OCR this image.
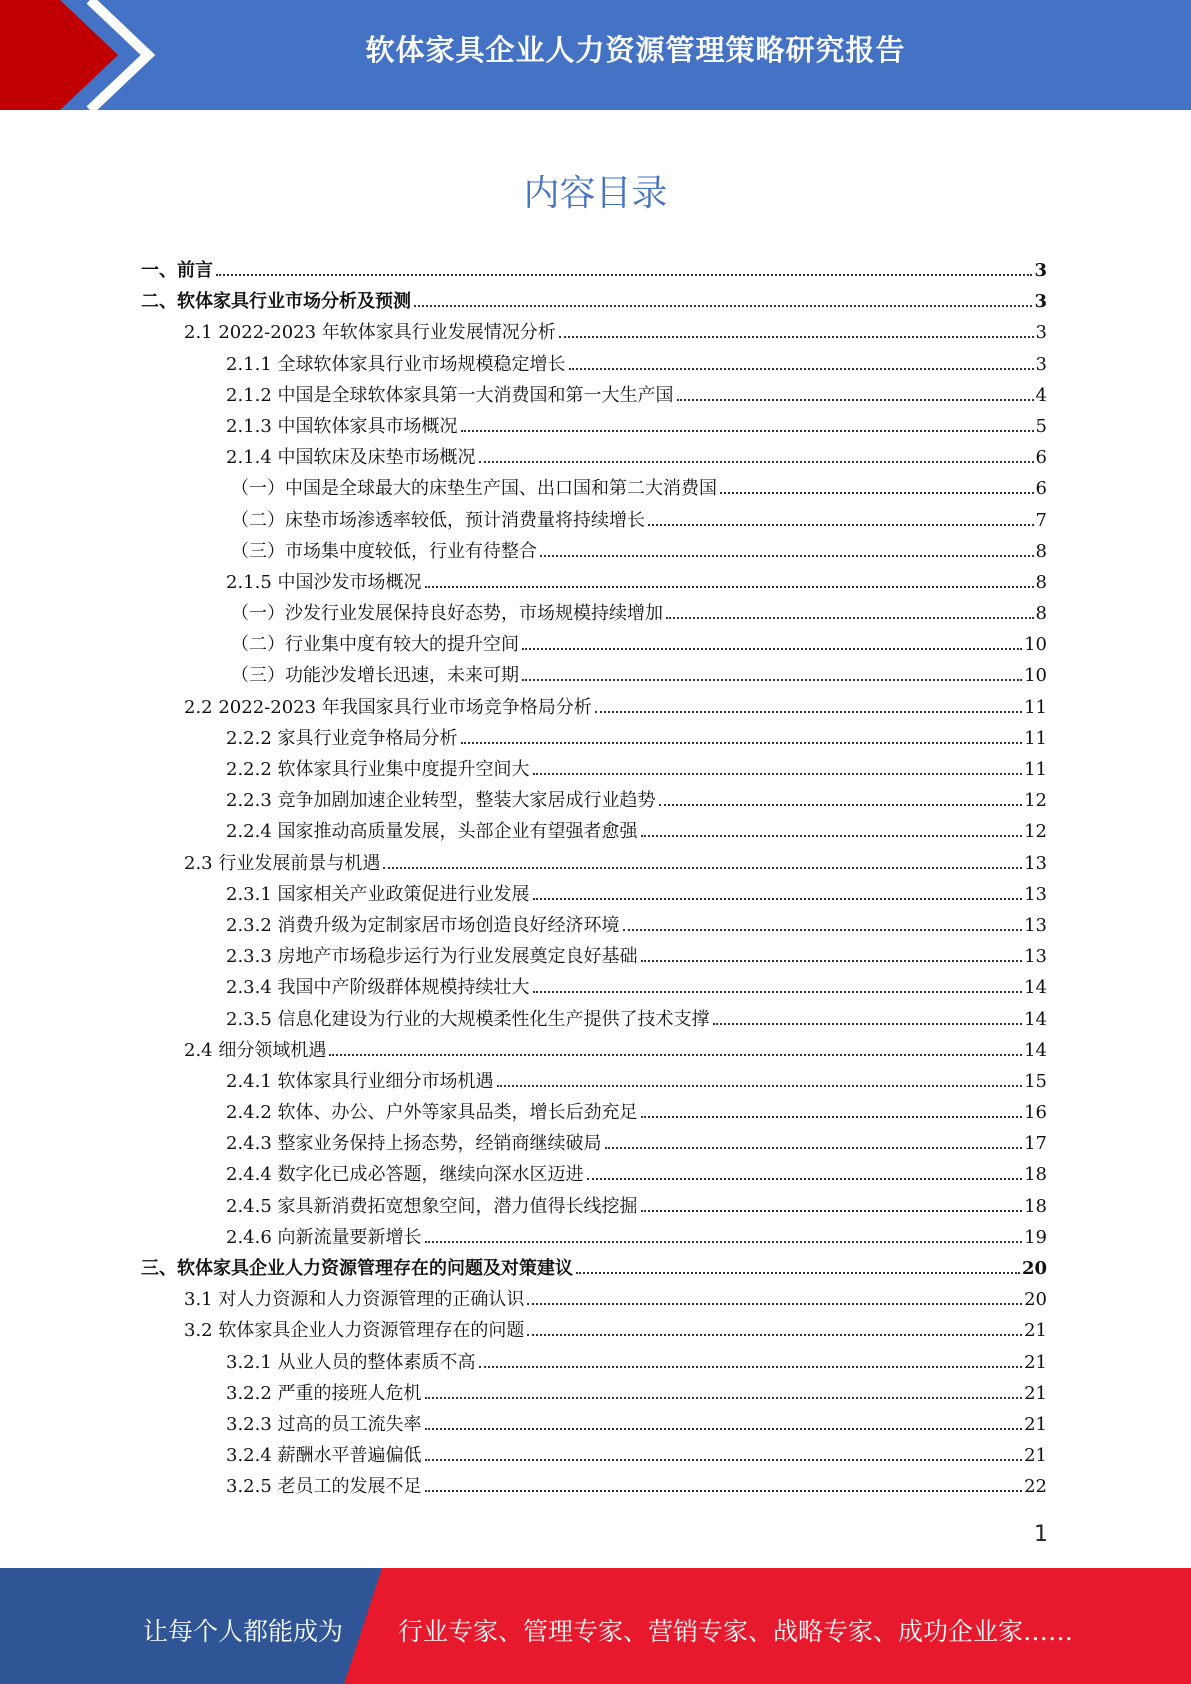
软体家具企业人力资源管理策略研究报告
内容目录
一、前言	3
二、软体家具行业市场分析及预测	3
2.1 2022-2023 年软体家具行业发展情况分析	3
2.1.1 全球软体家具行业市场规模稳定增长	3
2.1.2 中国是全球软体家具第一大消费国和第一大生产国	4
2.1.3 中国软体家具市场概况	5
2.1.4 中国软床及床垫市场概况	6
（一）中国是全球最大的床垫生产国、出口国和第二大消费国	6
（二）床垫市场渗透率较低，预计消费量将持续增长	7
（三）市场集中度较低，行业有待整合	8
2.1.5 中国沙发市场概况	8
（一）沙发行业发展保持良好态势，市场规模持续增加	8
（二）行业集中度有较大的提升空间	10
（三）功能沙发增长迅速，未来可期	10
2.2 2022-2023 年我国家具行业市场竞争格局分析	11
2.2.2 家具行业竞争格局分析	11
2.2.2 软体家具行业集中度提升空间大	11
2.2.3 竞争加剧加速企业转型，整装大家居成行业趋势	12
2.2.4 国家推动高质量发展，头部企业有望强者愈强	12
2.3 行业发展前景与机遇	13
2.3.1 国家相关产业政策促进行业发展	13
2.3.2 消费升级为定制家居市场创造良好经济环境	13
2.3.3 房地产市场稳步运行为行业发展奠定良好基础	13
2.3.4 我国中产阶级群体规模持续壮大	14
2.3.5 信息化建设为行业的大规模柔性化生产提供了技术支撑	14
2.4 细分领域机遇	14
2.4.1 软体家具行业细分市场机遇	15
2.4.2 软体、办公、户外等家具品类，增长后劲充足	16
2.4.3 整家业务保持上扬态势，经销商继续破局	17
2.4.4 数字化已成必答题，继续向深水区迈进	18
2.4.5 家具新消费拓宽想象空间，潜力值得长线挖掘	18
2.4.6 向新流量要新增长	19
三、软体家具企业人力资源管理存在的问题及对策建议	20
3.1 对人力资源和人力资源管理的正确认识	20
3.2 软体家具企业人力资源管理存在的问题	21
3.2.1 从业人员的整体素质不高	21
3.2.2 严重的接班人危机	21
3.2.3 过高的员工流失率	21
3.2.4 薪酬水平普遍偏低	21
3.2.5 老员工的发展不足	22
1
让每个人都能成为 行业专家、管理专家、营销专家、战略专家、成功企业家……
